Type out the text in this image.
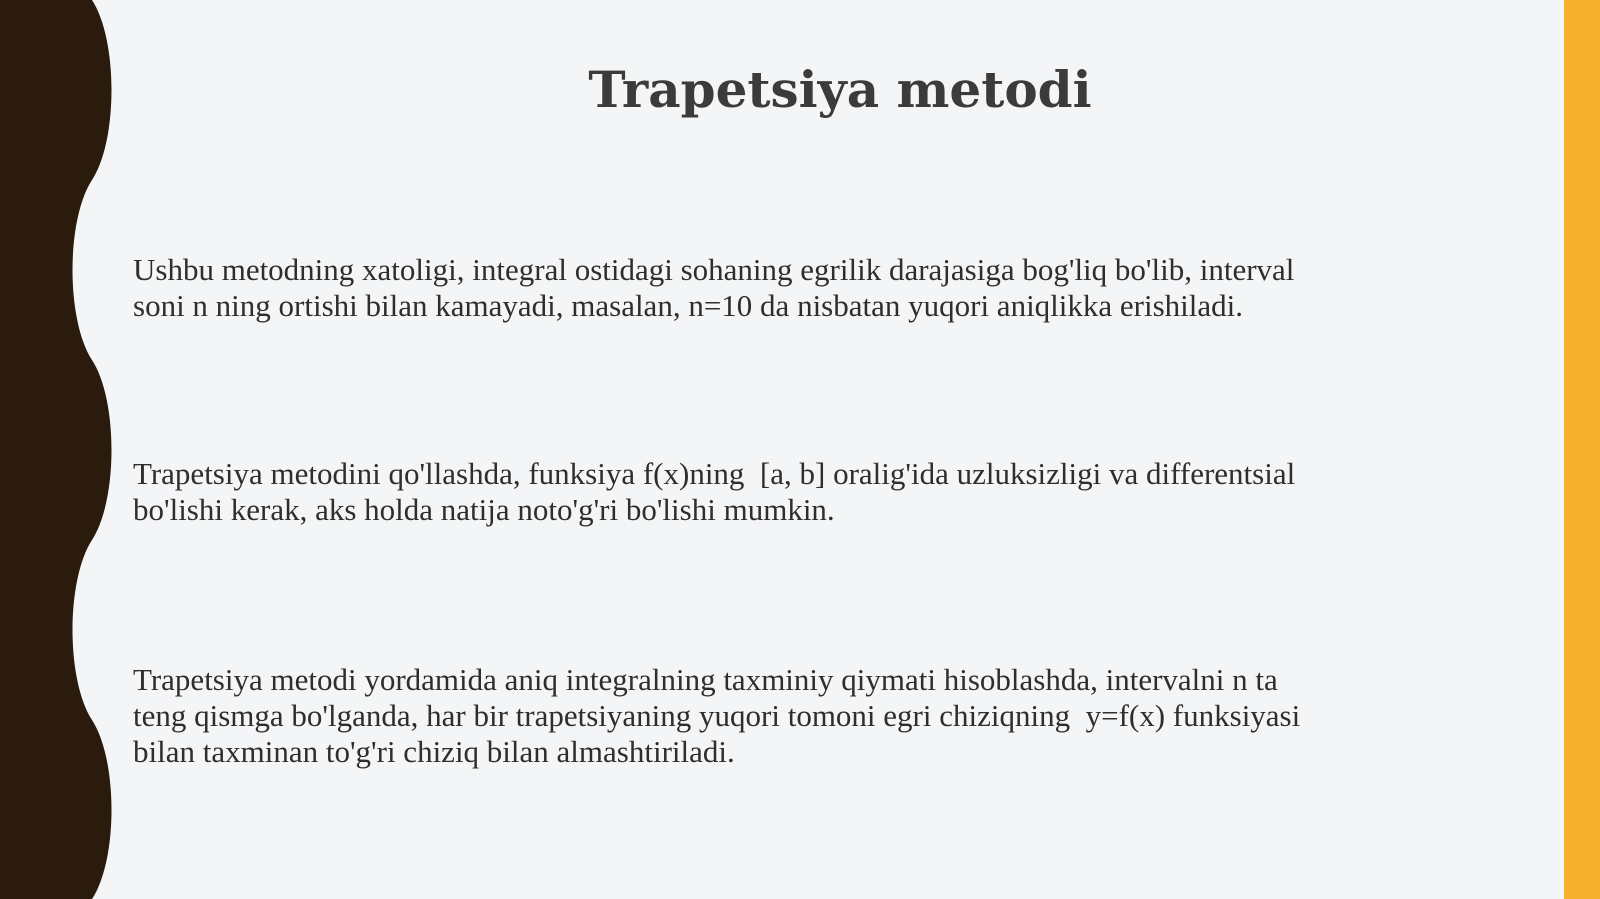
Trapetsiya metodi

Ushbu metodning xatoligi, integral ostidagi sohaning egrilik darajasiga bog'liq bo'lib, interval
soni n ning ortishi bilan kamayadi, masalan, n=10 da nisbatan yuqori aniqlikka erishiladi.

Trapetsiya metodini qo'llashda, funksiya f(x)ning  [a, b] oralig'ida uzluksizligi va differentsial
bo'lishi kerak, aks holda natija noto'g'ri bo'lishi mumkin.

Trapetsiya metodi yordamida aniq integralning taxminiy qiymati hisoblashda, intervalni n ta
teng qismga bo'lganda, har bir trapetsiyaning yuqori tomoni egri chiziqning  y=f(x) funksiyasi
bilan taxminan to'g'ri chiziq bilan almashtiriladi.
